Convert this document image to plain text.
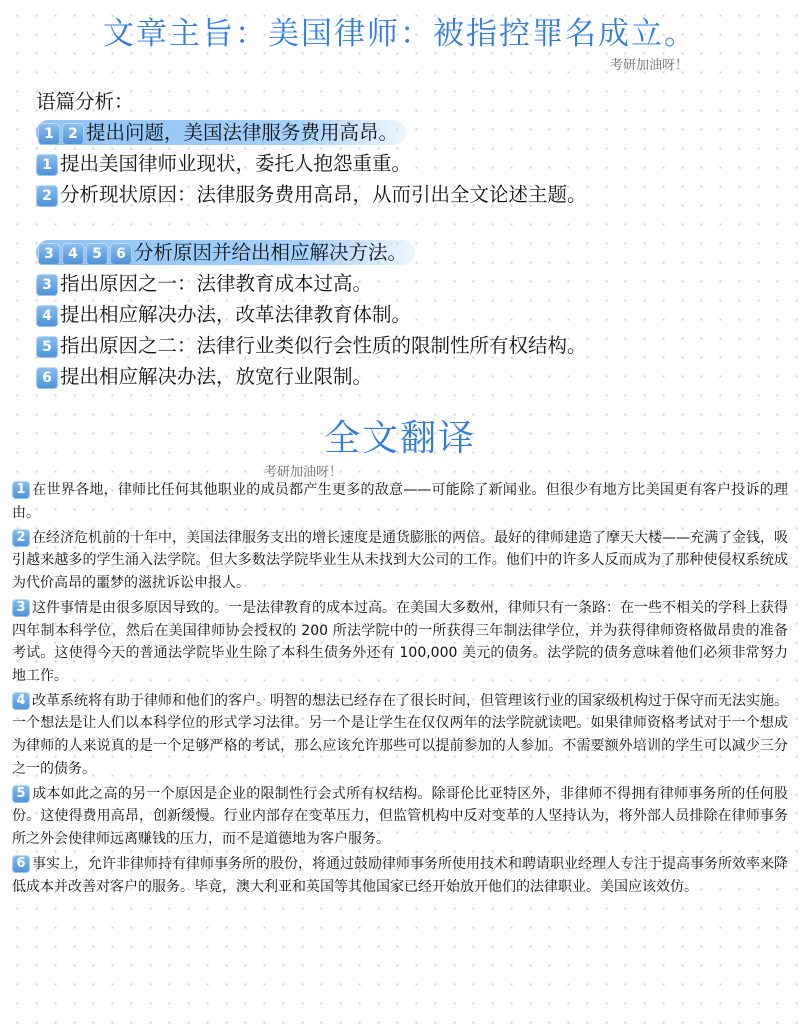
文章主旨：美国律师：被指控罪名成立。
考研加油呀！
语篇分析：
1 2 提出问题，美国法律服务费用高昂。
1 提出美国律师业现状，委托人抱怨重重。
2 分析现状原因：法律服务费用高昂，从而引出全文论述主题。
3 4 5 6 分析原因并给出相应解决方法。
3 指出原因之一：法律教育成本过高。
4 提出相应解决办法，改革法律教育体制。
5 指出原因之二：法律行业类似行会性质的限制性所有权结构。
6 提出相应解决办法，放宽行业限制。
全文翻译
考研加油呀！

1 在世界各地，律师比任何其他职业的成员都产生更多的敌意——可能除了新闻业。但很少有地方比美国更有客户投诉的理由。

2 在经济危机前的十年中，美国法律服务支出的增长速度是通货膨胀的两倍。最好的律师建造了摩天大楼——充满了金钱，吸引越来越多的学生涌入法学院。但大多数法学院毕业生从未找到大公司的工作。他们中的许多人反而成为了那种使侵权系统成为代价高昂的噩梦的滋扰诉讼申报人。

3 这件事情是由很多原因导致的。一是法律教育的成本过高。在美国大多数州，律师只有一条路：在一些不相关的学科上获得四年制本科学位，然后在美国律师协会授权的 200 所法学院中的一所获得三年制法律学位，并为获得律师资格做昂贵的准备考试。这使得今天的普通法学院毕业生除了本科生债务外还有 100,000 美元的债务。法学院的债务意味着他们必须非常努力地工作。

4 改革系统将有助于律师和他们的客户。明智的想法已经存在了很长时间，但管理该行业的国家级机构过于保守而无法实施。一个想法是让人们以本科学位的形式学习法律。另一个是让学生在仅仅两年的法学院就读吧。如果律师资格考试对于一个想成为律师的人来说真的是一个足够严格的考试，那么应该允许那些可以提前参加的人参加。不需要额外培训的学生可以减少三分之一的债务。

5 成本如此之高的另一个原因是企业的限制性行会式所有权结构。除哥伦比亚特区外，非律师不得拥有律师事务所的任何股份。这使得费用高昂，创新缓慢。行业内部存在变革压力，但监管机构中反对变革的人坚持认为，将外部人员排除在律师事务所之外会使律师远离赚钱的压力，而不是道德地为客户服务。

6 事实上，允许非律师持有律师事务所的股份，将通过鼓励律师事务所使用技术和聘请职业经理人专注于提高事务所效率来降低成本并改善对客户的服务。毕竟，澳大利亚和英国等其他国家已经开始放开他们的法律职业。美国应该效仿。
